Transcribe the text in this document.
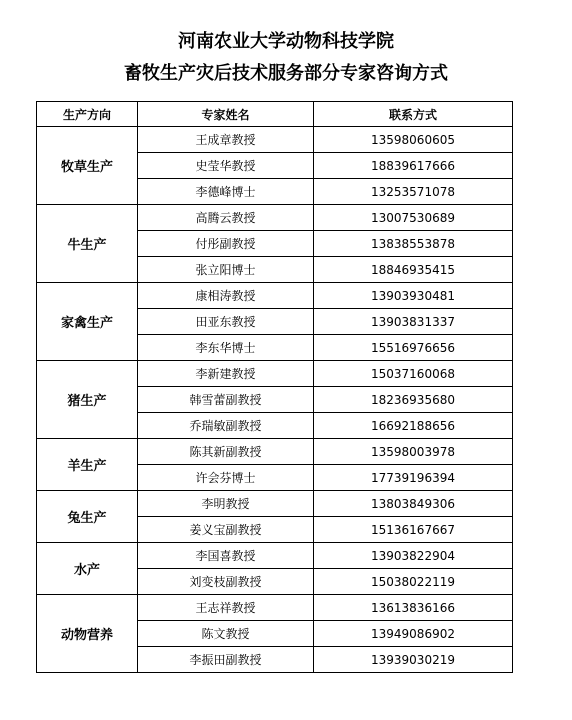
河南农业大学动物科技学院
畜牧生产灾后技术服务部分专家咨询方式
生产方向	专家姓名	联系方式
牧草生产	王成章教授	13598060605
	史莹华教授	18839617666
	李德峰博士	13253571078
牛生产	高腾云教授	13007530689
	付彤副教授	13838553878
	张立阳博士	18846935415
家禽生产	康相涛教授	13903930481
	田亚东教授	13903831337
	李东华博士	15516976656
猪生产	李新建教授	15037160068
	韩雪蕾副教授	18236935680
	乔瑞敏副教授	16692188656
羊生产	陈其新副教授	13598003978
	许会芬博士	17739196394
兔生产	李明教授	13803849306
	姜义宝副教授	15136167667
水产	李国喜教授	13903822904
	刘变枝副教授	15038022119
动物营养	王志祥教授	13613836166
	陈文教授	13949086902
	李振田副教授	13939030219
